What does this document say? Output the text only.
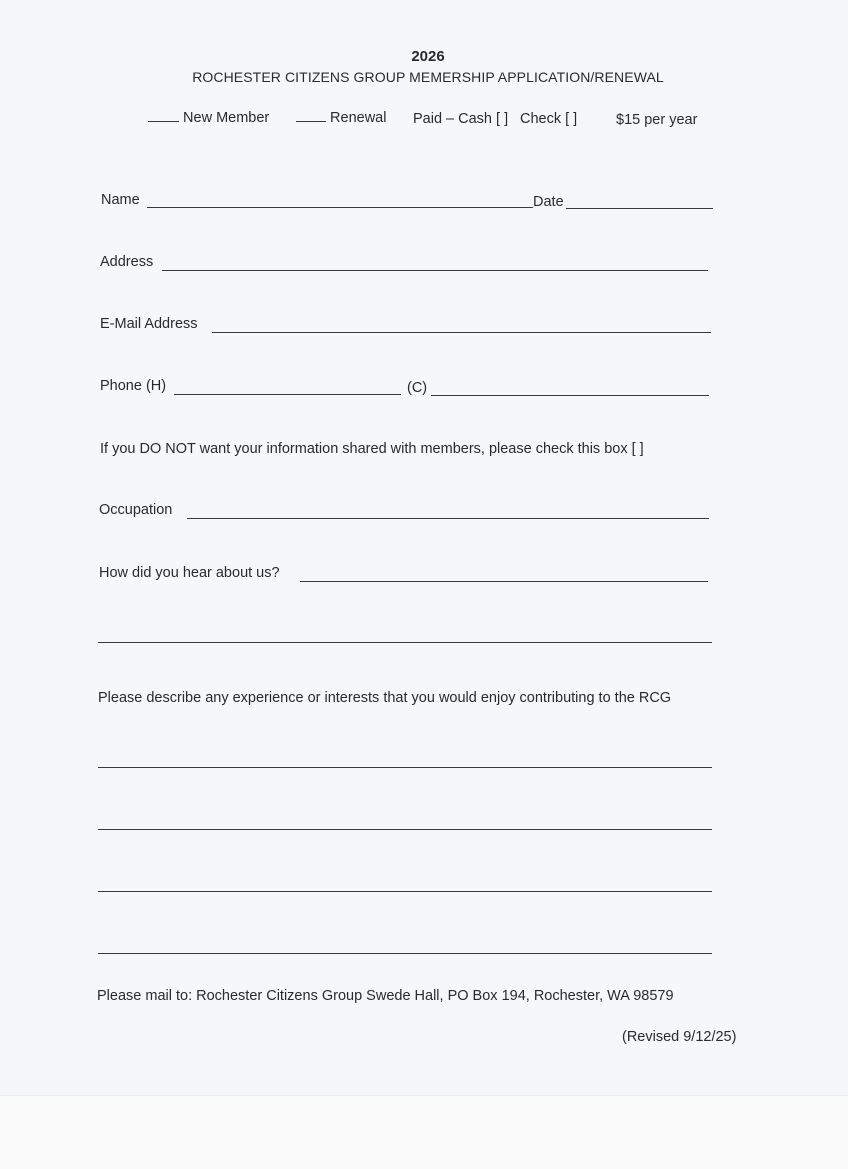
2026
ROCHESTER CITIZENS GROUP MEMERSHIP APPLICATION/RENEWAL
New Member	Renewal Paid – Cash [ ] Check [ ]	$15 per year
Name	Date
Address
E-Mail Address
Phone (H)	(C)
If you DO NOT want your information shared with members, please check this box [ ]
Occupation
How did you hear about us?
Please describe any experience or interests that you would enjoy contributing to the RCG
Please mail to: Rochester Citizens Group Swede Hall, PO Box 194, Rochester, WA 98579
(Revised 9/12/25)
